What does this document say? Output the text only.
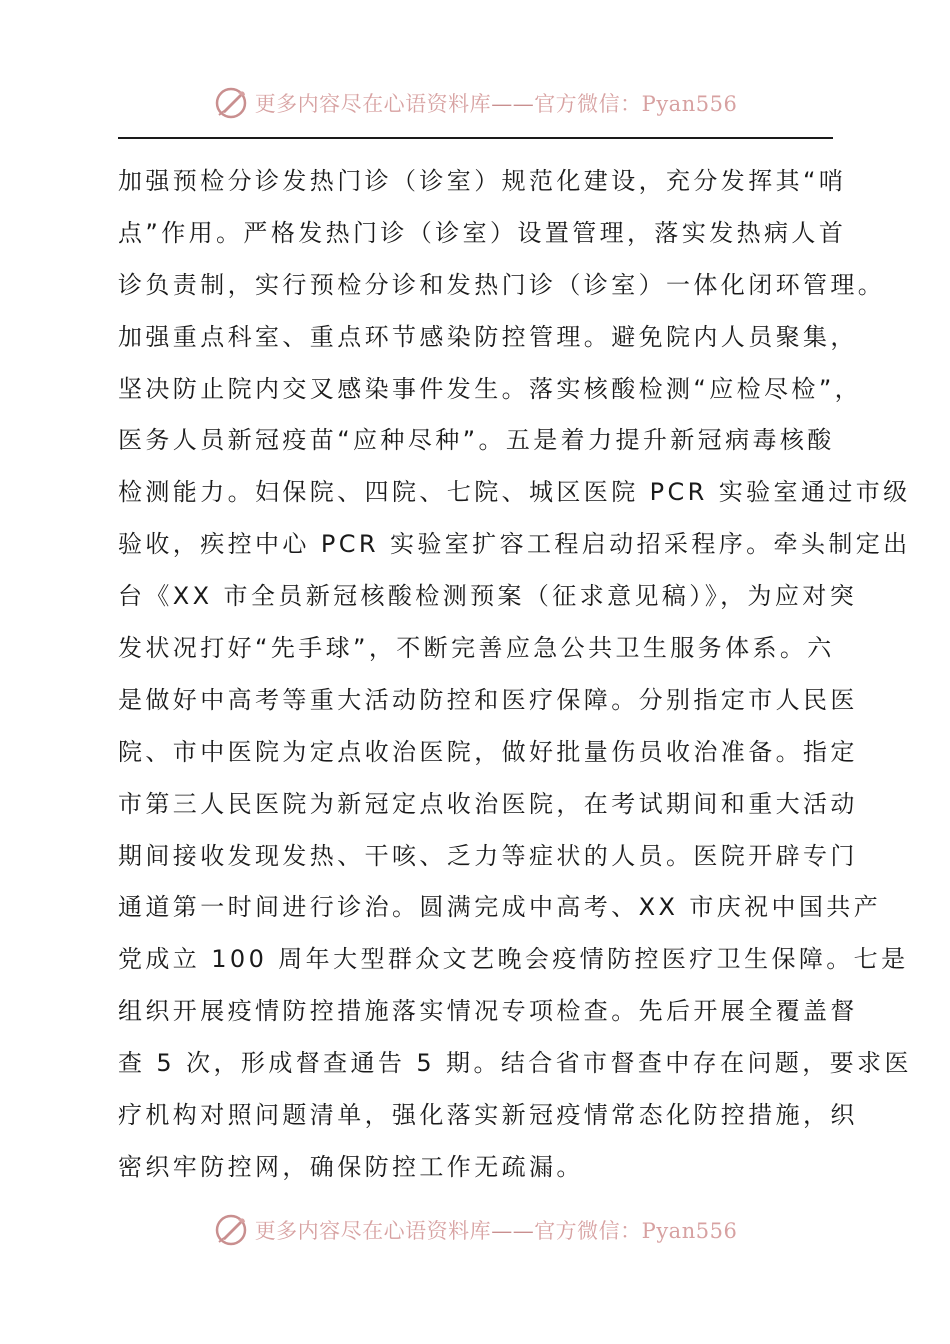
更多内容尽在心语资料库——官方微信：Pyan556
加强预检分诊发热门诊（诊室）规范化建设，充分发挥其“哨
点”作用。严格发热门诊（诊室）设置管理，落实发热病人首
诊负责制，实行预检分诊和发热门诊（诊室）一体化闭环管理。
加强重点科室、重点环节感染防控管理。避免院内人员聚集，
坚决防止院内交叉感染事件发生。落实核酸检测“应检尽检”，
医务人员新冠疫苗“应种尽种”。五是着力提升新冠病毒核酸
检测能力。妇保院、四院、七院、城区医院 PCR 实验室通过市级
验收，疾控中心 PCR 实验室扩容工程启动招采程序。牵头制定出
台《XX 市全员新冠核酸检测预案（征求意见稿）》，为应对突
发状况打好“先手球”，不断完善应急公共卫生服务体系。六
是做好中高考等重大活动防控和医疗保障。分别指定市人民医
院、市中医院为定点收治医院，做好批量伤员收治准备。指定
市第三人民医院为新冠定点收治医院，在考试期间和重大活动
期间接收发现发热、干咳、乏力等症状的人员。医院开辟专门
通道第一时间进行诊治。圆满完成中高考、XX 市庆祝中国共产
党成立 100 周年大型群众文艺晚会疫情防控医疗卫生保障。七是
组织开展疫情防控措施落实情况专项检查。先后开展全覆盖督
查 5 次，形成督查通告 5 期。结合省市督查中存在问题，要求医
疗机构对照问题清单，强化落实新冠疫情常态化防控措施，织
密织牢防控网，确保防控工作无疏漏。
更多内容尽在心语资料库——官方微信：Pyan556
